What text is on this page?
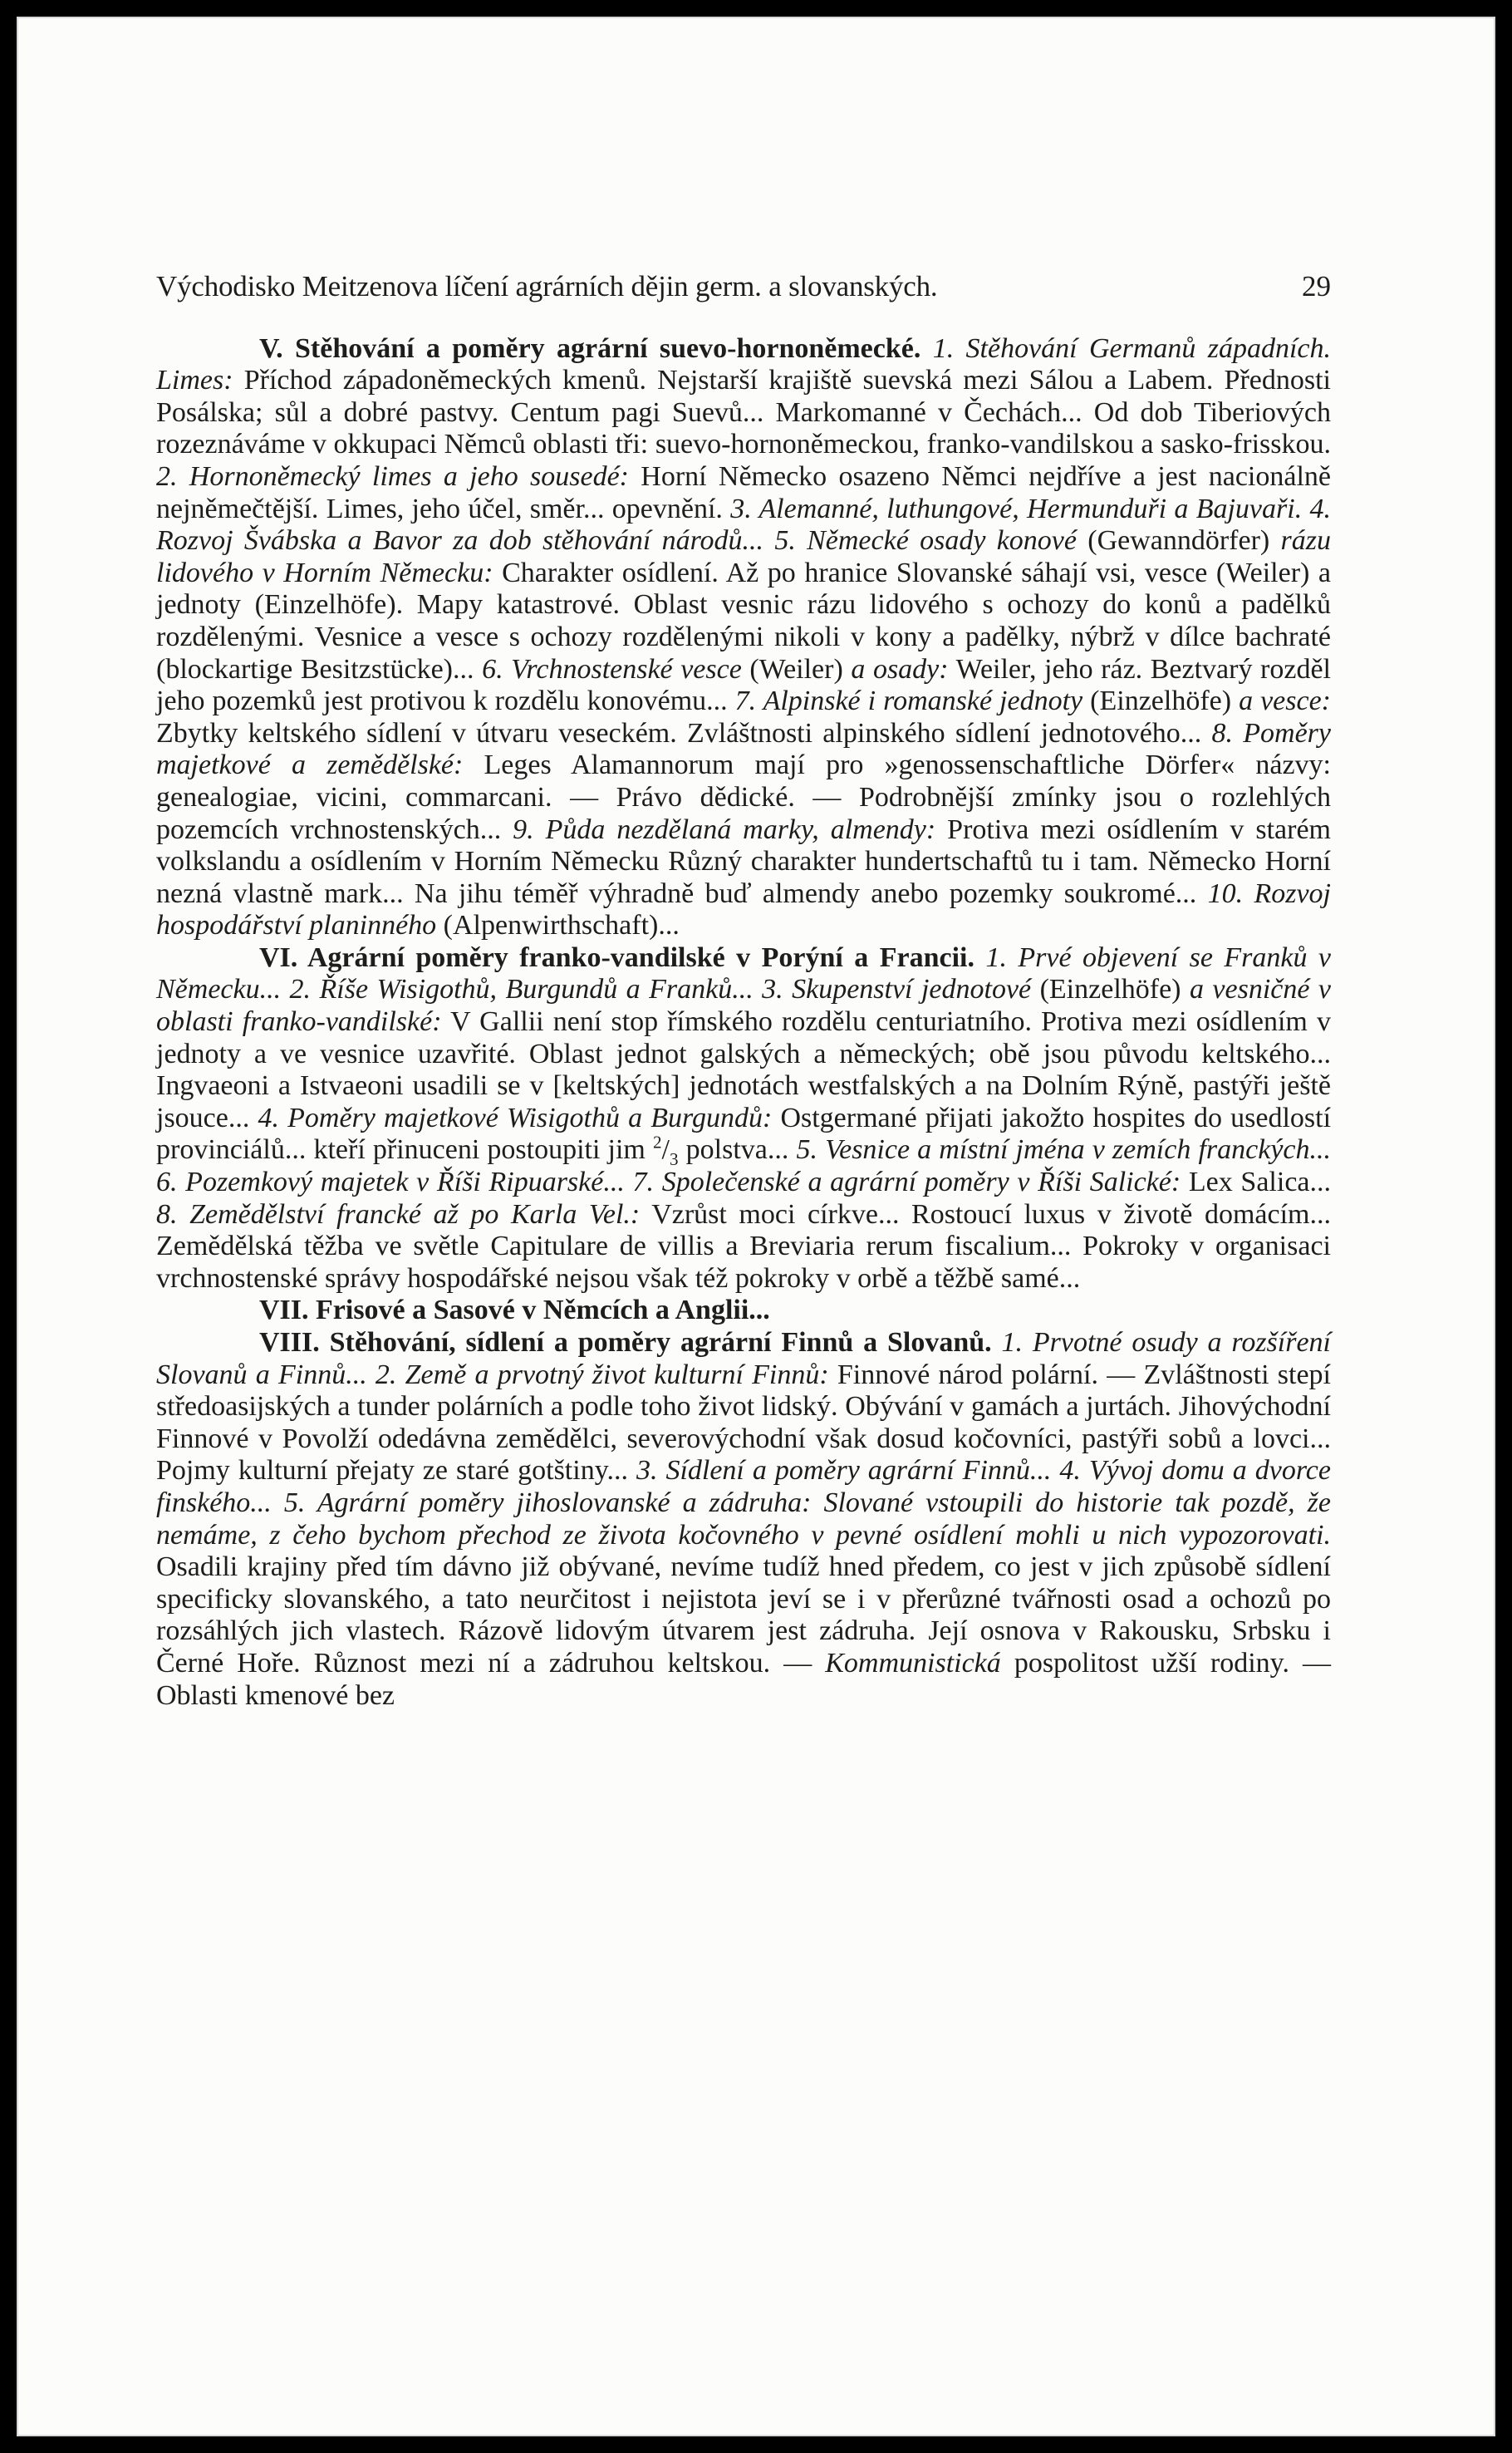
Východisko Meitzenova líčení agrárních dějin germ. a slovanských.	29

V. Stěhování a poměry agrární suevo-hornoněmecké. 1. Stěhování Germanů západních. Limes: Příchod západoněmeckých kmenů. Nejstarší krajiště suevská mezi Sálou a Labem. Přednosti Posálska; sůl a dobré pastvy. Centum pagi Suevů... Markomanné v Čechách... Od dob Tiberiových rozeznáváme v okkupaci Němců oblasti tři: suevo-hornoněmeckou, franko-vandilskou a sasko-frisskou. 2. Hornoněmecký limes a jeho sousedé: Horní Německo osazeno Němci nejdříve a jest nacionálně nejněmečtější. Limes, jeho účel, směr... opevnění. 3. Alemanné, luthungové, Hermunduři a Bajuvaři. 4. Rozvoj Švábska a Bavor za dob stěhování národů... 5. Německé osady konové (Gewanndörfer) rázu lidového v Horním Německu: Charakter osídlení. Až po hranice Slovanské sáhají vsi, vesce (Weiler) a jednoty (Einzelhöfe). Mapy katastrové. Oblast vesnic rázu lidového s ochozy do konů a padělků rozdělenými. Vesnice a vesce s ochozy rozdělenými nikoli v kony a padělky, nýbrž v dílce bachraté (blockartige Besitzstücke)... 6. Vrchnostenské vesce (Weiler) a osady: Weiler, jeho ráz. Beztvarý rozděl jeho pozemků jest protivou k rozdělu konovému... 7. Alpinské i romanské jednoty (Einzelhöfe) a vesce: Zbytky keltského sídlení v útvaru veseckém. Zvláštnosti alpinského sídlení jednotového... 8. Poměry majetkové a zemědělské: Leges Alamannorum mají pro »genossenschaftliche Dörfer« názvy: genealogiae, vicini, commarcani. — Právo dědické. — Podrobnější zmínky jsou o rozlehlých pozemcích vrchnostenských... 9. Půda nezdělaná marky, almendy: Protiva mezi osídlením v starém volkslandu a osídlením v Horním Německu Různý charakter hundertschaftů tu i tam. Německo Horní nezná vlastně mark... Na jihu téměř výhradně buď almendy anebo pozemky soukromé... 10. Rozvoj hospodářství planinného (Alpenwirthschaft)...

VI. Agrární poměry franko-vandilské v Porýní a Francii. 1. Prvé objevení se Franků v Německu... 2. Říše Wisigothů, Burgundů a Franků... 3. Skupenství jednotové (Einzelhöfe) a vesničné v oblasti franko-vandilské: V Gallii není stop římského rozdělu centuriatního. Protiva mezi osídlením v jednoty a ve vesnice uzavřité. Oblast jednot galských a německých; obě jsou původu keltského... Ingvaeoni a Istvaeoni usadili se v [keltských] jednotách westfalských a na Dolním Rýně, pastýři ještě jsouce... 4. Poměry majetkové Wisigothů a Burgundů: Ostgermané přijati jakožto hospites do usedlostí provinciálů... kteří přinuceni postoupiti jim $^2/_3$ polstva... 5. Vesnice a místní jména v zemích franckých... 6. Pozemkový majetek v Říši Ripuarské... 7. Společenské a agrární poměry v Říši Salické: Lex Salica... 8. Zemědělství francké až po Karla Vel.: Vzrůst moci církve... Rostoucí luxus v životě domácím... Zemědělská těžba ve světle Capitulare de villis a Breviaria rerum fiscalium... Pokroky v organisaci vrchnostenské správy hospodářské nejsou však též pokroky v orbě a těžbě samé...

VII. Frisové a Sasové v Němcích a Anglii...

VIII. Stěhování, sídlení a poměry agrární Finnů a Slovanů. 1. Prvotné osudy a rozšíření Slovanů a Finnů... 2. Země a prvotný život kulturní Finnů: Finnové národ polární. — Zvláštnosti stepí středoasijských a tunder polárních a podle toho život lidský. Obývání v gamách a jurtách. Jihovýchodní Finnové v Povolží odedávna zemědělci, severovýchodní však dosud kočovníci, pastýři sobů a lovci... Pojmy kulturní přejaty ze staré gotštiny... 3. Sídlení a poměry agrární Finnů... 4. Vývoj domu a dvorce finského... 5. Agrární poměry jihoslovanské a zádruha: Slované vstoupili do historie tak pozdě, že nemáme, z čeho bychom přechod ze života kočovného v pevné osídlení mohli u nich vypozorovati. Osadili krajiny před tím dávno již obývané, nevíme tudíž hned předem, co jest v jich způsobě sídlení specificky slovanského, a tato neurčitost i nejistota jeví se i v přerůzné tvářnosti osad a ochozů po rozsáhlých jich vlastech. Rázově lidovým útvarem jest zádruha. Její osnova v Rakousku, Srbsku i Černé Hoře. Různost mezi ní a zádruhou keltskou. — Kommunistická pospolitost užší rodiny. — Oblasti kmenové bez
